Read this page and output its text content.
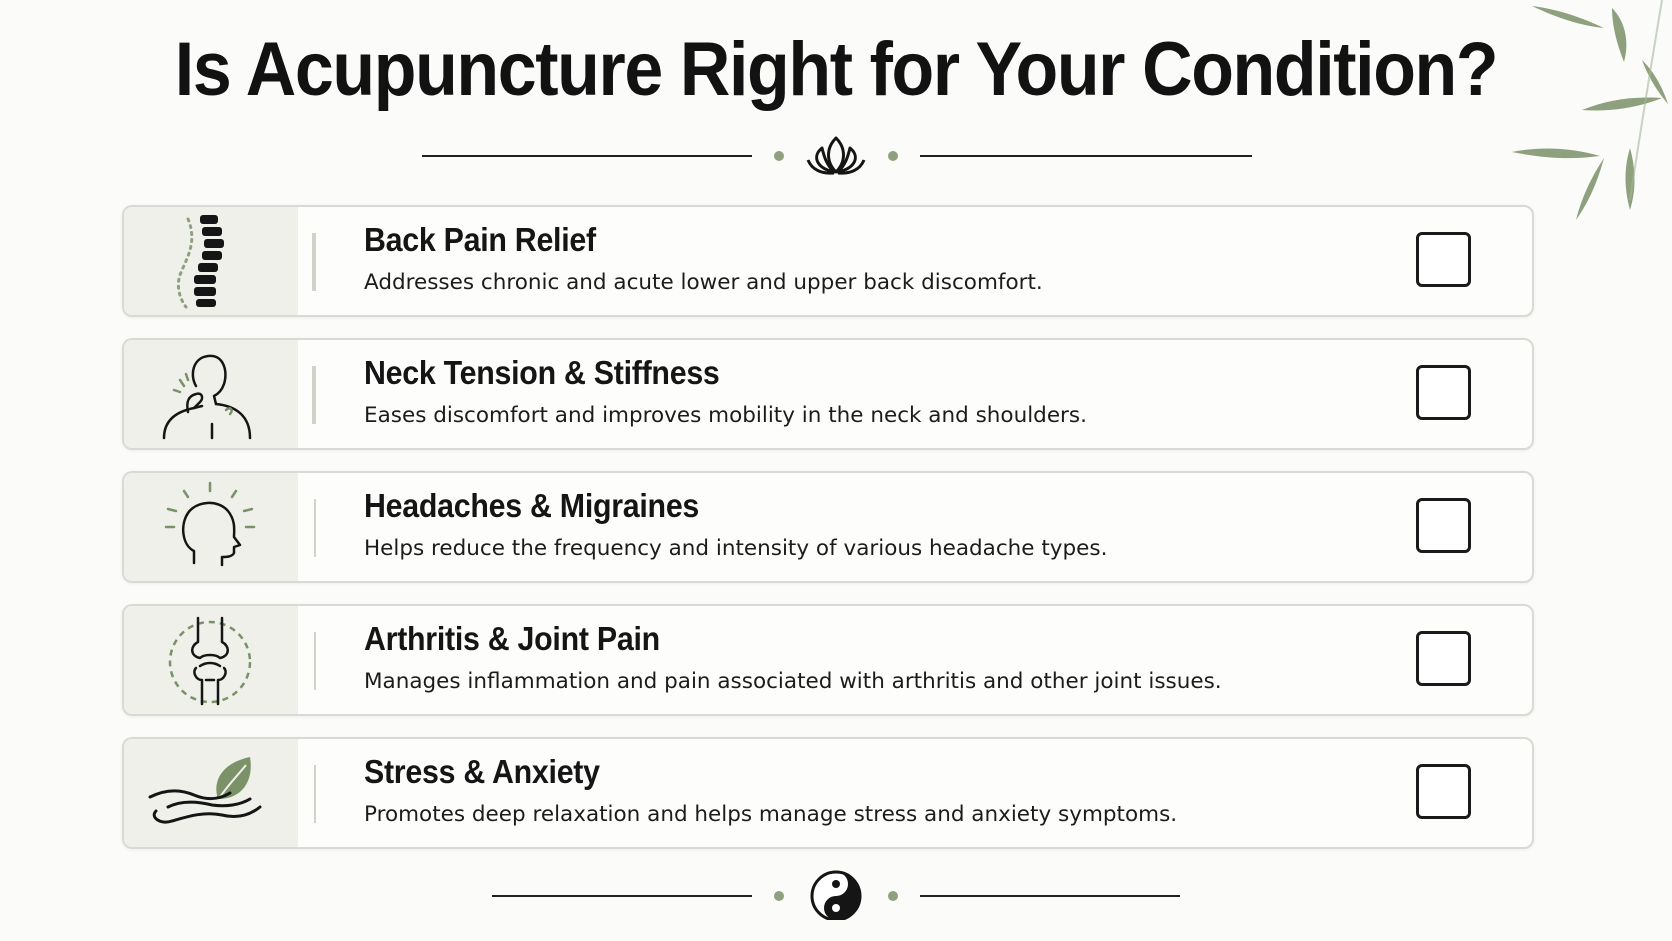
Is Acupuncture Right for Your Condition?
Back Pain Relief
Addresses chronic and acute lower and upper back discomfort.
Neck Tension & Stiffness
Eases discomfort and improves mobility in the neck and shoulders.
Headaches & Migraines
Helps reduce the frequency and intensity of various headache types.
Arthritis & Joint Pain
Manages inflammation and pain associated with arthritis and other joint issues.
Stress & Anxiety
Promotes deep relaxation and helps manage stress and anxiety symptoms.
